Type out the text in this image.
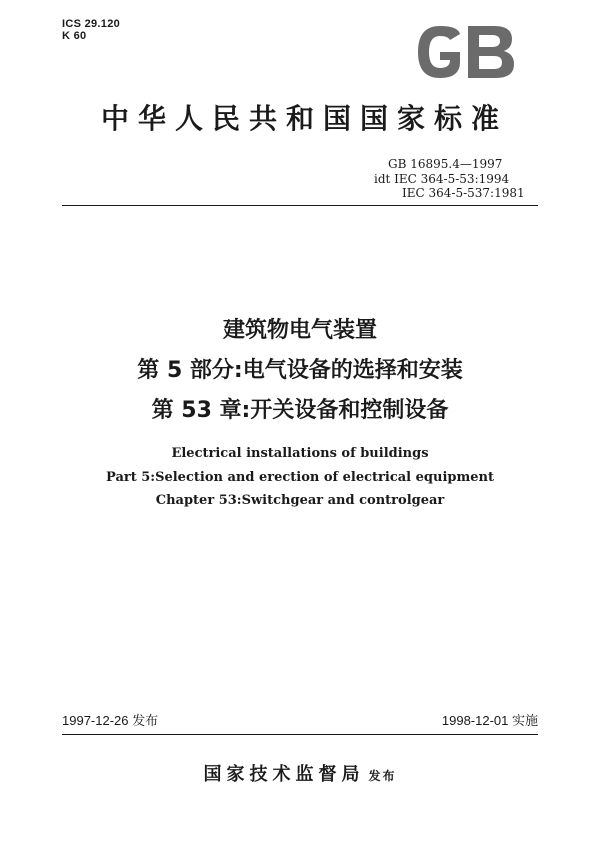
ICS 29.120
K 60
中华人民共和国国家标准
GB 16895.4—1997
idt IEC 364-5-53:1994
IEC 364-5-537:1981
建筑物电气装置
第 5 部分:电气设备的选择和安装
第 53 章:开关设备和控制设备
Electrical installations of buildings
Part 5:Selection and erection of electrical equipment
Chapter 53:Switchgear and controlgear
1997-12-26 发布	1998-12-01 实施
国家技术监督局 发布
